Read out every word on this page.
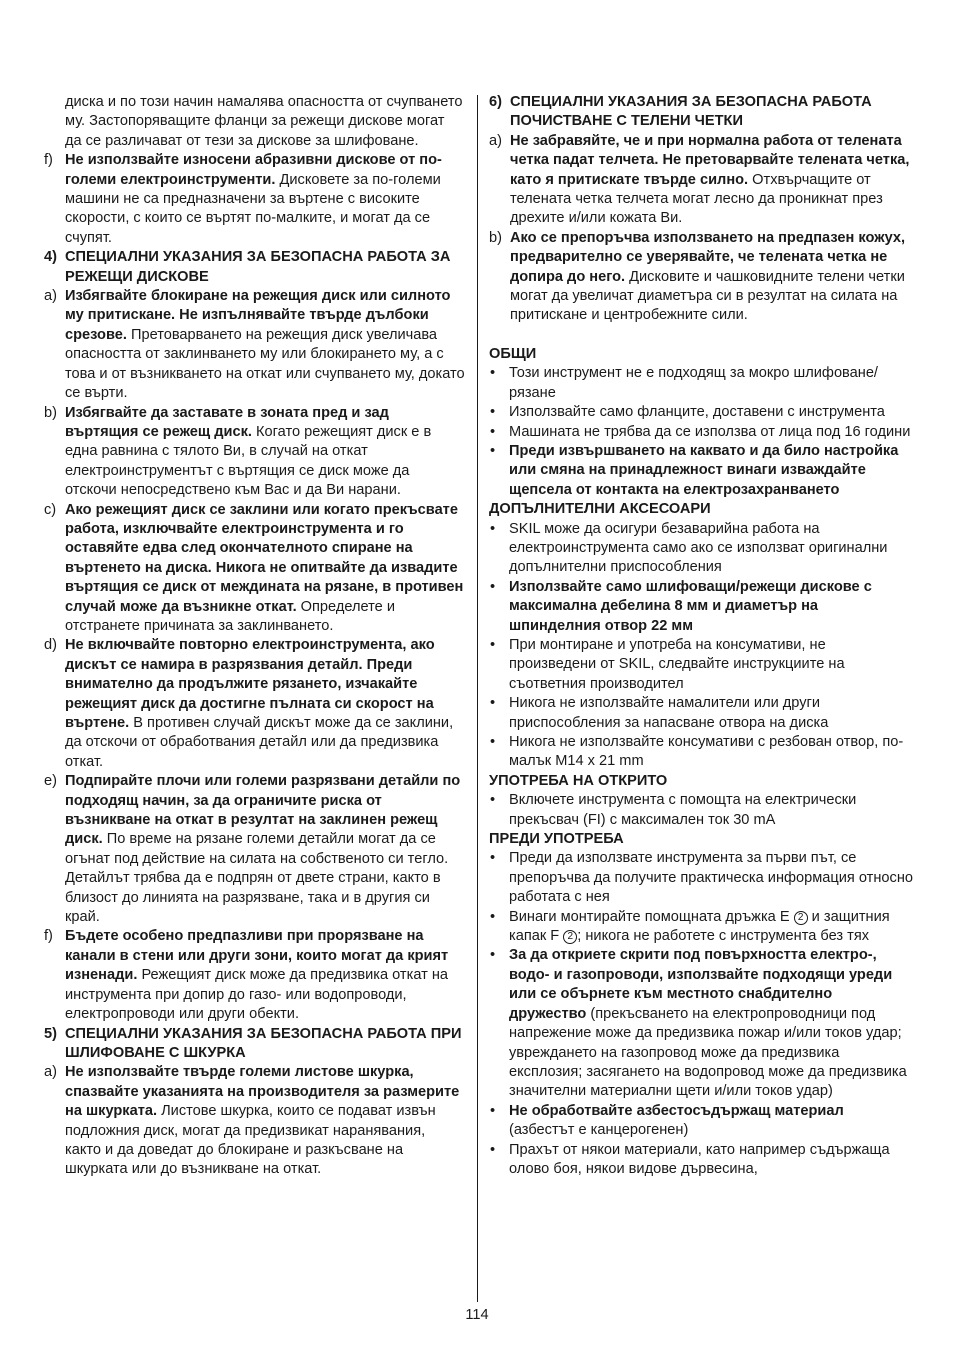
диска и по този начин намалява опасността от счупването му. Застопоряващите фланци за режещи дискове могат да се различават от тези за дискове за шлифоване.

f) Не използвайте износени абразивни дискове от по-големи електроинструменти. Дисковете за по-големи машини не са предназначени за въртене с високите скорости, с които се въртят по-малките, и могат да се счупят.
4) СПЕЦИАЛНИ УКАЗАНИЯ ЗА БЕЗОПАСНА РАБОТА ЗА РЕЖЕЩИ ДИСКОВЕ
a) Избягвайте блокиране на режещия диск или силното му притискане. Не изпълнявайте твърде дълбоки срезове. Претоварването на режещия диск увеличава опасността от заклинването му или блокирането му, а с това и от възникването на откат или счупването му, докато се върти.
b) Избягвайте да заставате в зоната пред и зад въртящия се режещ диск. Когато режещият диск е в една равнина с тялото Ви, в случай на откат електроинструментът с въртящия се диск може да отскочи непосредствено към Вас и да Ви нарани.
c) Ако режещият диск се заклини или когато прекъсвате работа, изключвайте електроинструмента и го оставяйте едва след окончателното спиране на въртенето на диска. Никога не опитвайте да извадите въртящия се диск от междината на рязане, в противен случай може да възникне откат. Определете и отстранете причината за заклинването.
d) Не включвайте повторно електроинструмента, ако дискът се намира в разрязвания детайл. Преди внимателно да продължите рязането, изчакайте режещият диск да достигне пълната си скорост на въртене. В противен случай дискът може да се заклини, да отскочи от обработвания детайл или да предизвика откат.
e) Подпирайте плочи или големи разрязвани детайли по подходящ начин, за да ограничите риска от възникване на откат в резултат на заклинен режещ диск. По време на рязане големи детайли могат да се огънат под действие на силата на собственото си тегло. Детайлът трябва да е подпрян от двете страни, както в близост до линията на разрязване, така и в другия си край.
f) Бъдете особено предпазливи при прорязване на канали в стени или други зони, които могат да крият изненади. Режещият диск може да предизвика откат на инструмента при допир до газо- или водопроводи, електропроводи или други обекти.
5) СПЕЦИАЛНИ УКАЗАНИЯ ЗА БЕЗОПАСНА РАБОТА ПРИ ШЛИФОВАНЕ С ШКУРКА
a) Не използвайте твърде големи листове шкурка, спазвайте указанията на производителя за размерите на шкурката. Листове шкурка, които се подават извън подложния диск, могат да предизвикат наранявания, както и да доведат до блокиране и разкъсване на шкурката или до възникване на откат.
6) СПЕЦИАЛНИ УКАЗАНИЯ ЗА БЕЗОПАСНА РАБОТА ПОЧИСТВАНЕ С ТЕЛЕНИ ЧЕТКИ
a) Не забравяйте, че и при нормална работа от телената четка падат телчета. Не претоварвайте телената четка, като я притискате твърде силно. Отхвърчащите от телената четка телчета могат лесно да проникнат през дрехите и/или кожата Ви.
b) Ако се препоръчва използването на предпазен кожух, предварително се уверявайте, че телената четка не допира до него. Дисковите и чашковидните телени четки могат да увеличат диаметъра си в резултат на силата на притискане и центробежните сили.
ОБЩИ
• Този инструмент не е подходящ за мокро шлифоване/рязане
• Използвайте само фланците, доставени с инструмента
• Машината не трябва да се използва от лица под 16 години
• Преди извършването на каквато и да било настройка или смяна на принадлежност винаги изваждайте щепсела от контакта на електрозахранването
ДОПЪЛНИТЕЛНИ АКСЕСОАРИ
• SKIL може да осигури безаварийна работа на електроинструмента само ако се използват оригинални допълнителни приспособления
• Използвайте само шлифоващи/режещи дискове с максимална дебелина 8 мм и диаметър на шпинделния отвор 22 мм
• При монтиране и употреба на консумативи, не произведени от SKIL, следвайте инструкциите на съответния производител
• Никога не използвайте намалители или други приспособления за напасване отвора на диска
• Никога не използвайте консумативи с резбован отвор, по-малък M14 x 21 mm
УПОТРЕБА НА ОТКРИТО
• Включете инструмента с помощта на електрически прекъсвач (FI) с максимален ток 30 mA
ПРЕДИ УПОТРЕБА
• Преди да използвате инструмента за първи път, се препоръчва да получите практическа информация относно работата с нея
• Винаги монтирайте помощната дръжка E 2 и защитния капак F 2 ; никога не работете с инструмента без тях
• За да откриете скрити под повърхността електро-, водо- и газопроводи, използвайте подходящи уреди или се обърнете към местното снабдително дружество (прекъсването на електропроводници под напрежение може да предизвика пожар и/или токов удар; увреждането на газопровод може да предизвика експлозия; засягането на водопровод може да предизвика значителни материални щети и/или токов удар)
• Не обработвайте азбестосъдържащ материал (азбестът е канцерогенен)
• Прахът от някои материали, като например съдържаща олово боя, някои видове дървесина,
114
